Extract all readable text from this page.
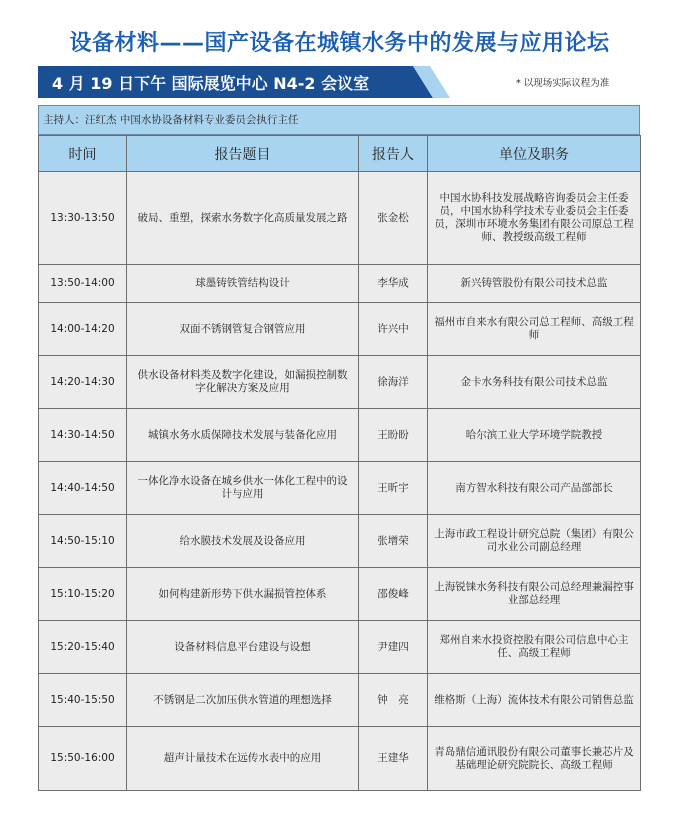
设备材料——国产设备在城镇水务中的发展与应用论坛
4 月 19 日下午 国际展览中心 N4-2 会议室	* 以现场实际议程为准
主持人：汪红杰 中国水协设备材料专业委员会执行主任
时间	报告题目	报告人	单位及职务
13:30-13:50	破局、重塑，探索水务数字化高质量发展之路	张金松	中国水协科技发展战略咨询委员会主任委员，中国水协科学技术专业委员会主任委员，深圳市环境水务集团有限公司原总工程师、教授级高级工程师
13:50-14:00	球墨铸铁管结构设计	李华成	新兴铸管股份有限公司技术总监
14:00-14:20	双面不锈钢管复合钢管应用	许兴中	福州市自来水有限公司总工程师、高级工程师
14:20-14:30	供水设备材料类及数字化建设，如漏损控制数字化解决方案及应用	徐海洋	金卡水务科技有限公司技术总监
14:30-14:50	城镇水务水质保障技术发展与装备化应用	王盼盼	哈尔滨工业大学环境学院教授
14:40-14:50	一体化净水设备在城乡供水一体化工程中的设计与应用	王昕宇	南方智水科技有限公司产品部部长
14:50-15:10	给水膜技术发展及设备应用	张增荣	上海市政工程设计研究总院（集团）有限公司水业公司副总经理
15:10-15:20	如何构建新形势下供水漏损管控体系	邵俊峰	上海锐铼水务科技有限公司总经理兼漏控事业部总经理
15:20-15:40	设备材料信息平台建设与设想	尹建四	郑州自来水投资控股有限公司信息中心主任、高级工程师
15:40-15:50	不锈钢是二次加压供水管道的理想选择	钟　亮	维格斯（上海）流体技术有限公司销售总监
15:50-16:00	超声计量技术在远传水表中的应用	王建华	青岛鼎信通讯股份有限公司董事长兼芯片及基础理论研究院院长、高级工程师
